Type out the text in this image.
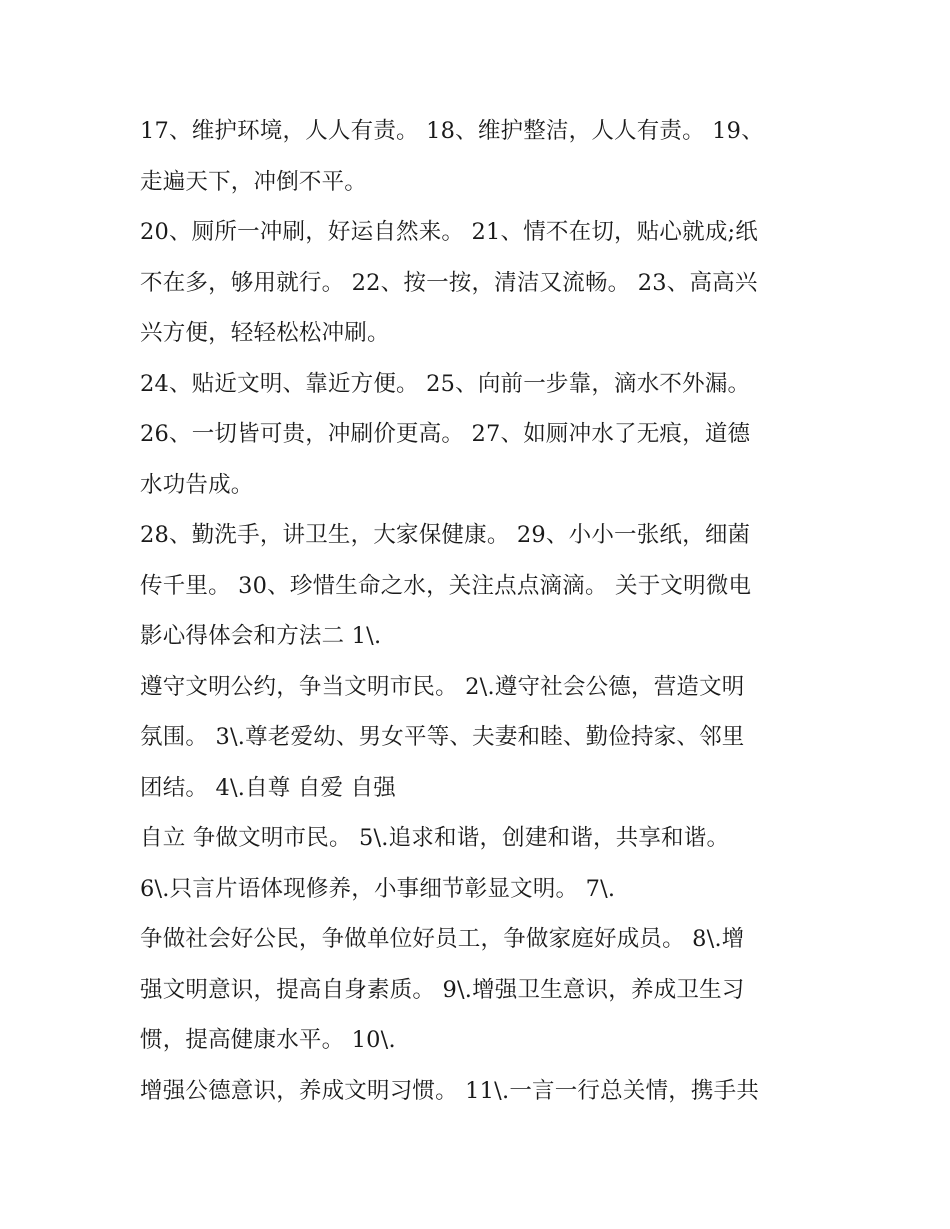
17、维护环境，人人有责。 18、维护整洁，人人有责。 19、
走遍天下，冲倒不平。
20、厕所一冲刷，好运自然来。 21、情不在切，贴心就成;纸
不在多，够用就行。 22、按一按，清洁又流畅。 23、高高兴
兴方便，轻轻松松冲刷。
24、贴近文明、靠近方便。 25、向前一步靠，滴水不外漏。
26、一切皆可贵，冲刷价更高。 27、如厕冲水了无痕，道德
水功告成。
28、勤洗手，讲卫生，大家保健康。 29、小小一张纸，细菌
传千里。 30、珍惜生命之水，关注点点滴滴。 关于文明微电
影心得体会和方法二 1\.
遵守文明公约，争当文明市民。 2\.遵守社会公德，营造文明
氛围。 3\.尊老爱幼、男女平等、夫妻和睦、勤俭持家、邻里
团结。 4\.自尊 自爱 自强
自立 争做文明市民。 5\.追求和谐，创建和谐，共享和谐。
6\.只言片语体现修养，小事细节彰显文明。 7\.
争做社会好公民，争做单位好员工，争做家庭好成员。 8\.增
强文明意识，提高自身素质。 9\.增强卫生意识，养成卫生习
惯，提高健康水平。 10\.
增强公德意识，养成文明习惯。 11\.一言一行总关情，携手共
